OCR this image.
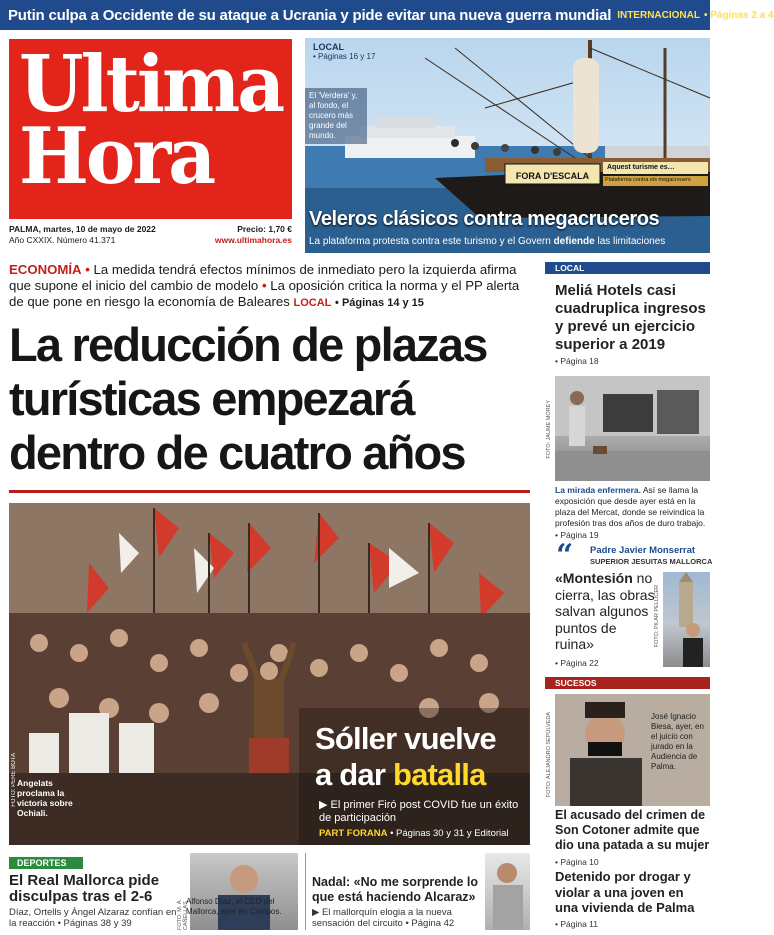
Putin culpa a Occidente de su ataque a Ucrania y pide evitar una nueva guerra mundial INTERNACIONAL • Páginas 2 a 4
Ultima
Hora
PALMA, martes, 10 de mayo de 2022	Precio: 1,70 €
Año CXXIX. Número 41.371	www.ultimahora.es
LOCAL
• Páginas 16 y 17
El 'Verdera' y, al fondo, el crucero más grande del mundo.
FOTO: JAVI GARCÍA/UH	FORA D'ESCALA
Aquest turisme es…
Plataforma contra els megacreuers
Veleros clásicos contra megacruceros
La plataforma protesta contra este turismo y el Govern defiende las limitaciones
ECONOMÍA • La medida tendrá efectos mínimos de inmediato pero la izquierda afirma que supone el inicio del cambio de modelo • La oposición critica la norma y el PP alerta de que pone en riesgo la economía de Baleares LOCAL • Páginas 14 y 15
La reducción de plazas turísticas empezará dentro de cuatro años
FOTO: PERE BOTA Angelats proclama la victoria sobre Ochiali.
Sóller vuelve
a dar batalla
▶ El primer Firó post COVID fue un éxito de participación
PART FORANA • Páginas 30 y 31 y Editorial
DEPORTES
El Real Mallorca pide disculpas tras el 2-6
Díaz, Ortells y Ángel Alzaraz confían en la reacción • Páginas 38 y 39	FOTO: M. À. CAÑELLAS
Alfonso Díaz, el CEO del Mallorca, ayer en Campos.
Nadal: «No me sorprende lo que está haciendo Alcaraz»
▶ El mallorquín elogia a la nueva sensación del circuito • Página 42
LOCAL
Meliá Hotels casi cuadruplica ingresos y prevé un ejercicio superior a 2019
• Página 18
FOTO: JAUME MOREY
La mirada enfermera. Así se llama la exposición que desde ayer está en la plaza del Mercat, donde se reivindica la profesión tras dos años de duro trabajo.
• Página 19
“ Padre Javier Monserrat
SUPERIOR JESUITAS MALLORCA
«Montesión no cierra, las obras salvan algunos puntos de ruina»
• Página 22
FOTO: PILAR PELLICER
SUCESOS
FOTO: ALEJANDRO SEPÚLVEDA	José Ignacio Biesa, ayer, en el juicio con jurado en la Audiencia de Palma.
El acusado del crimen de Son Cotoner admite que dio una patada a su mujer
• Página 10
Detenido por drogar y violar a una joven en una vivienda de Palma
• Página 11
